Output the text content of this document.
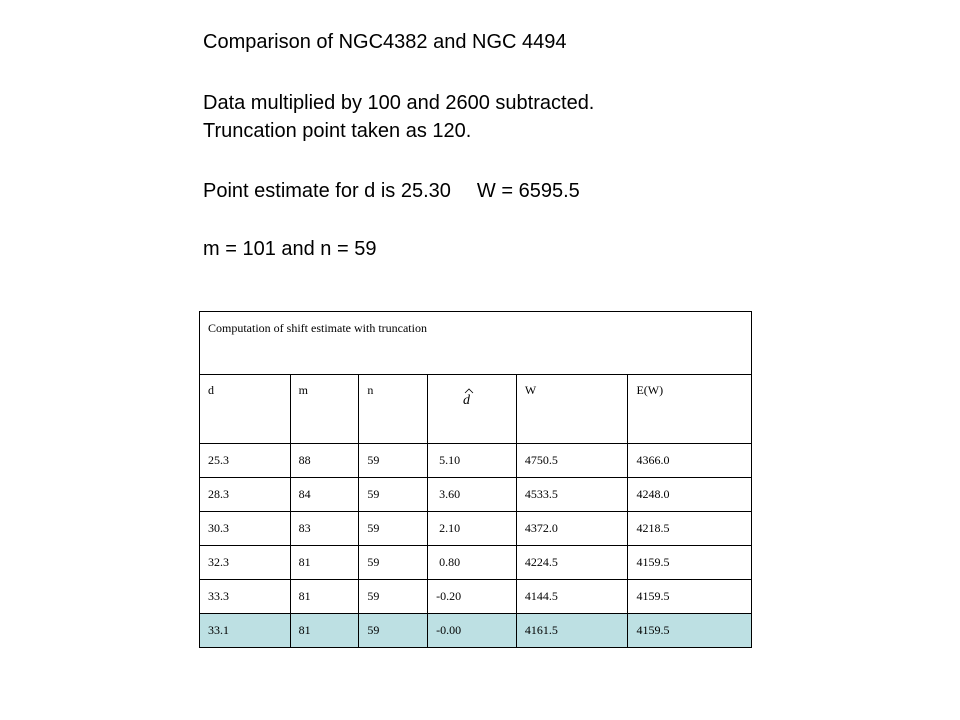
Comparison of NGC4382 and NGC 4494
Data multiplied by 100 and 2600 subtracted.
Truncation point taken as 120.
Point estimate for d is 25.30 W = 6595.5
m = 101 and n = 59
Computation of shift estimate with truncation					
d	m	n	d	W	E(W)
25.3	88	59	5.10	4750.5	4366.0
28.3	84	59	3.60	4533.5	4248.0
30.3	83	59	2.10	4372.0	4218.5
32.3	81	59	0.80	4224.5	4159.5
33.3	81	59	-0.20	4144.5	4159.5
33.1	81	59	-0.00	4161.5	4159.5
